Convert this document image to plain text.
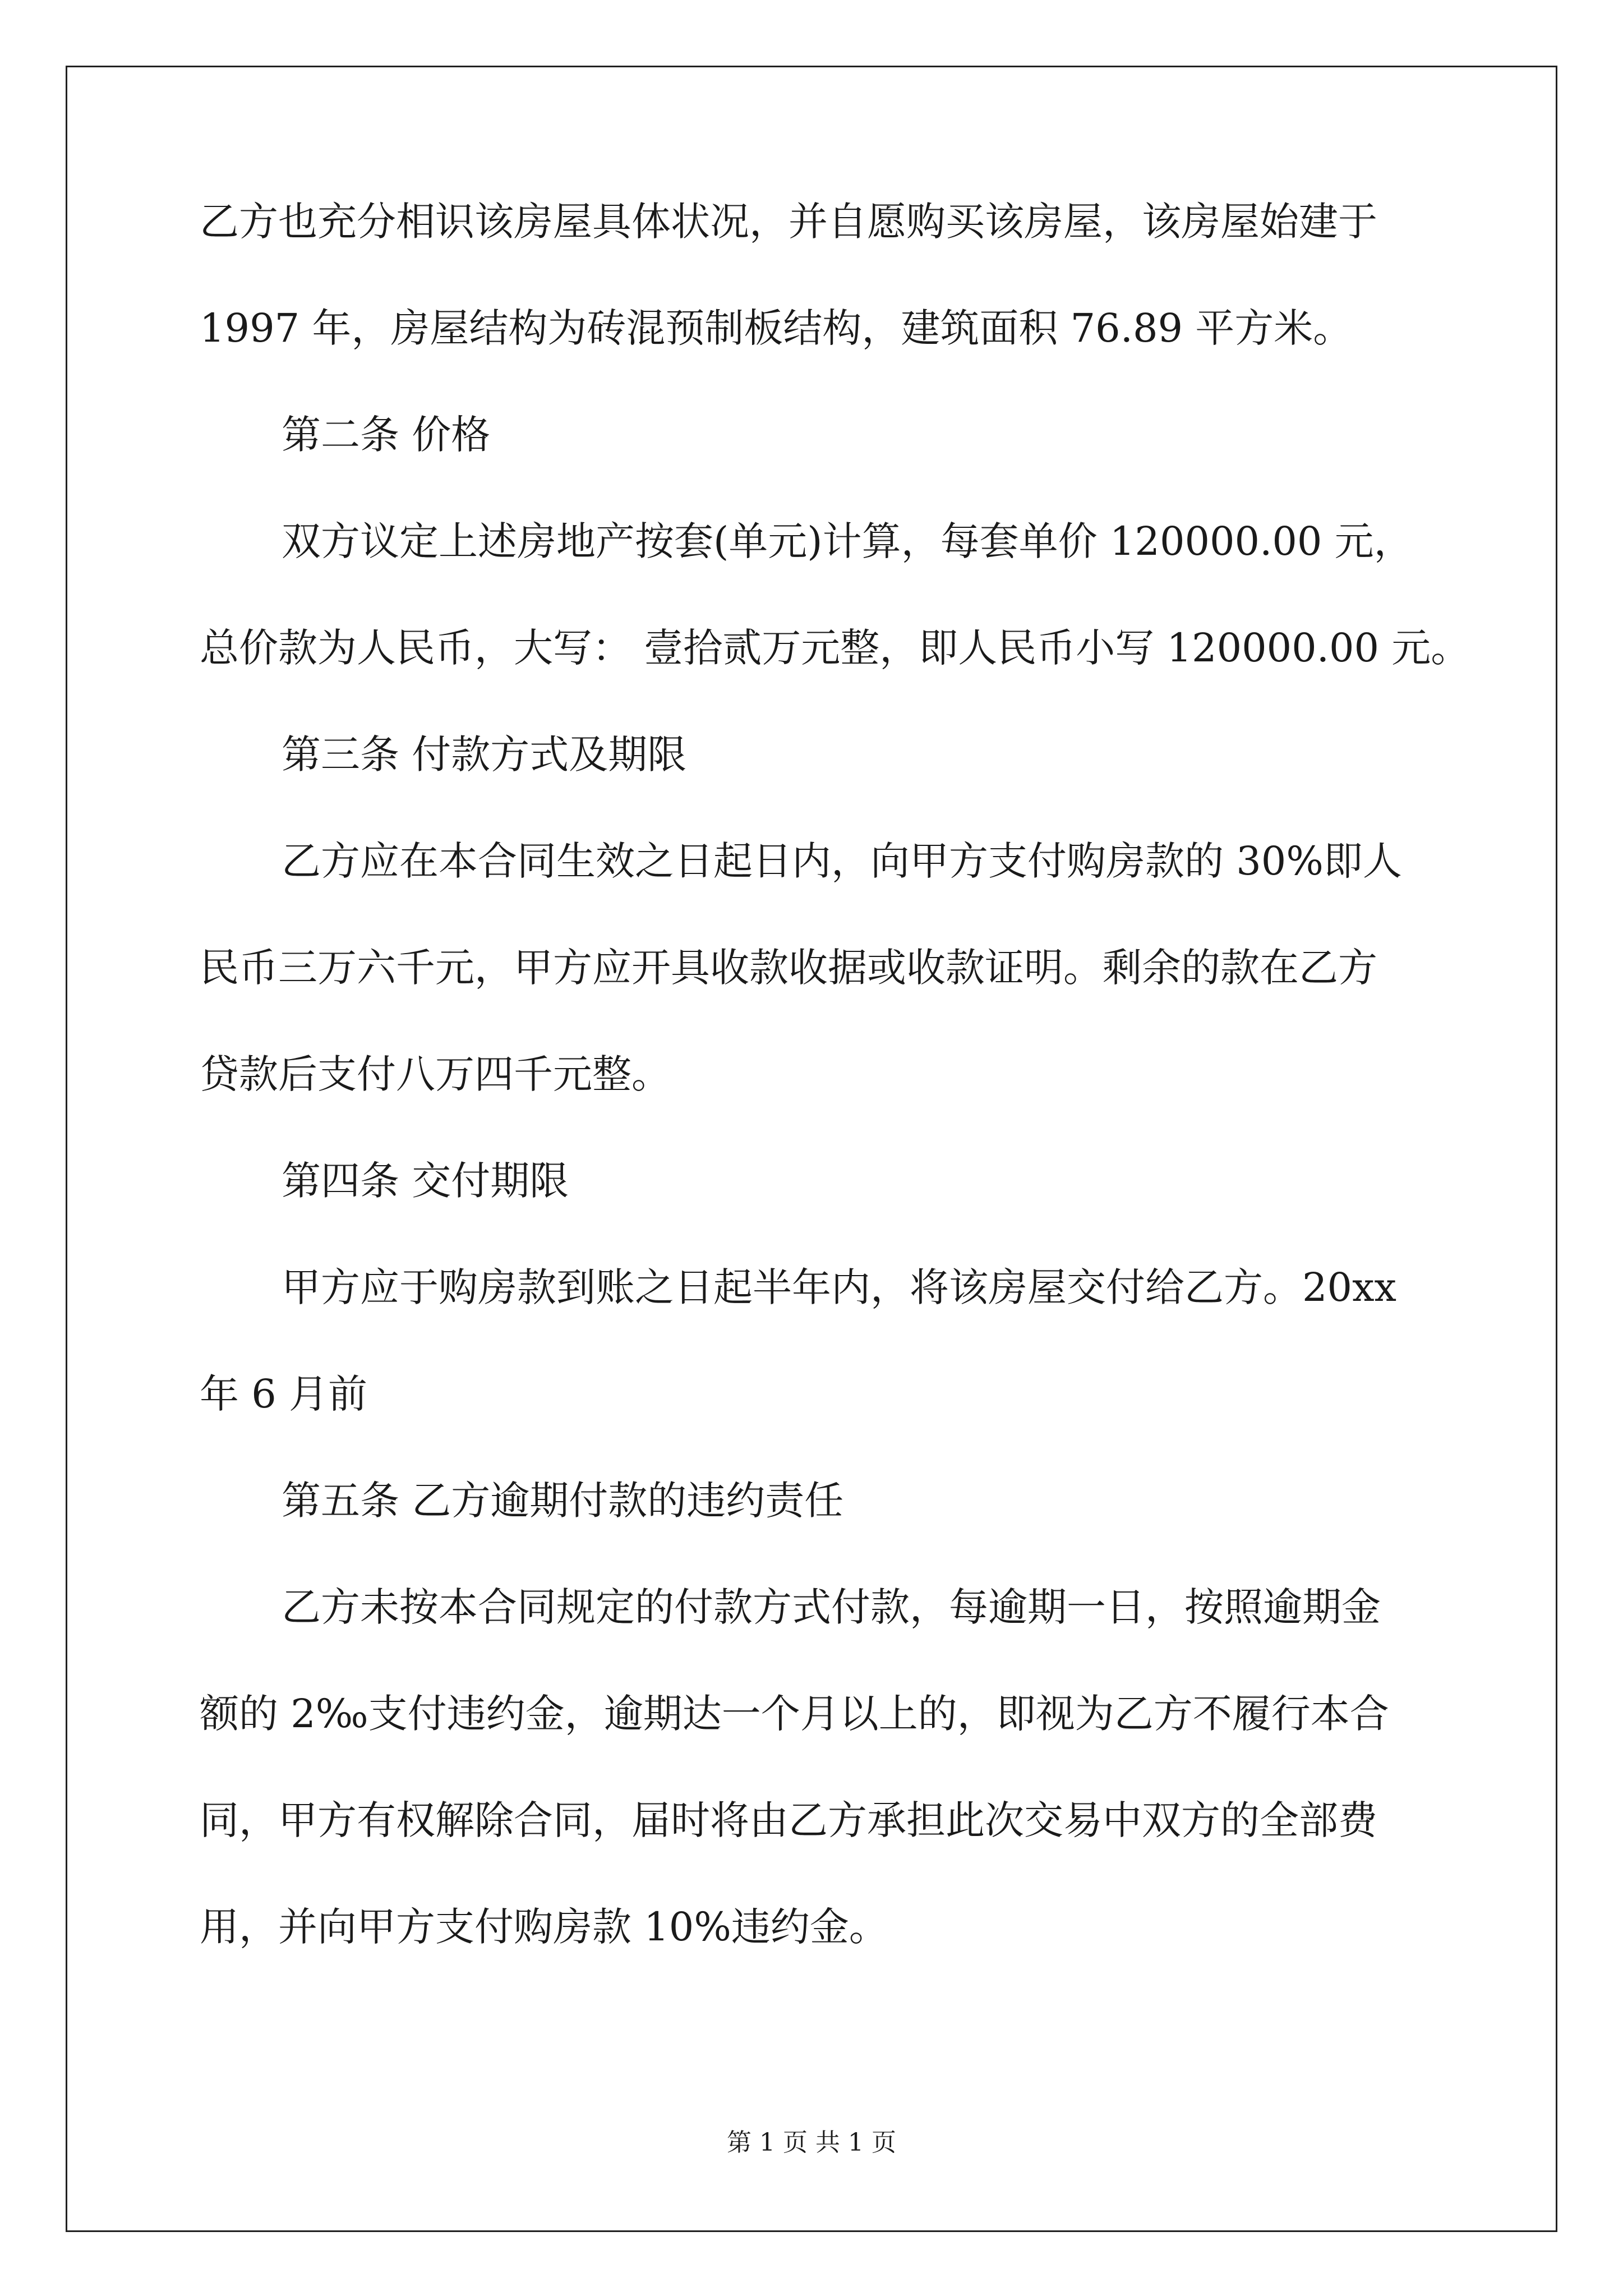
乙方也充分相识该房屋具体状况，并自愿购买该房屋，该房屋始建于
1997 年，房屋结构为砖混预制板结构，建筑面积 76.89 平方米。
第二条 价格
双方议定上述房地产按套(单元)计算，每套单价 120000.00 元，
总价款为人民币，大写： 壹拾贰万元整，即人民币小写 120000.00 元。
第三条 付款方式及期限
乙方应在本合同生效之日起日内，向甲方支付购房款的 30%即人
民币三万六千元，甲方应开具收款收据或收款证明。剩余的款在乙方
贷款后支付八万四千元整。
第四条 交付期限
甲方应于购房款到账之日起半年内，将该房屋交付给乙方。20xx
年 6 月前
第五条 乙方逾期付款的违约责任
乙方未按本合同规定的付款方式付款，每逾期一日，按照逾期金
额的 2‰支付违约金，逾期达一个月以上的，即视为乙方不履行本合
同，甲方有权解除合同，届时将由乙方承担此次交易中双方的全部费
用，并向甲方支付购房款 10%违约金。
第 1 页 共 1 页
